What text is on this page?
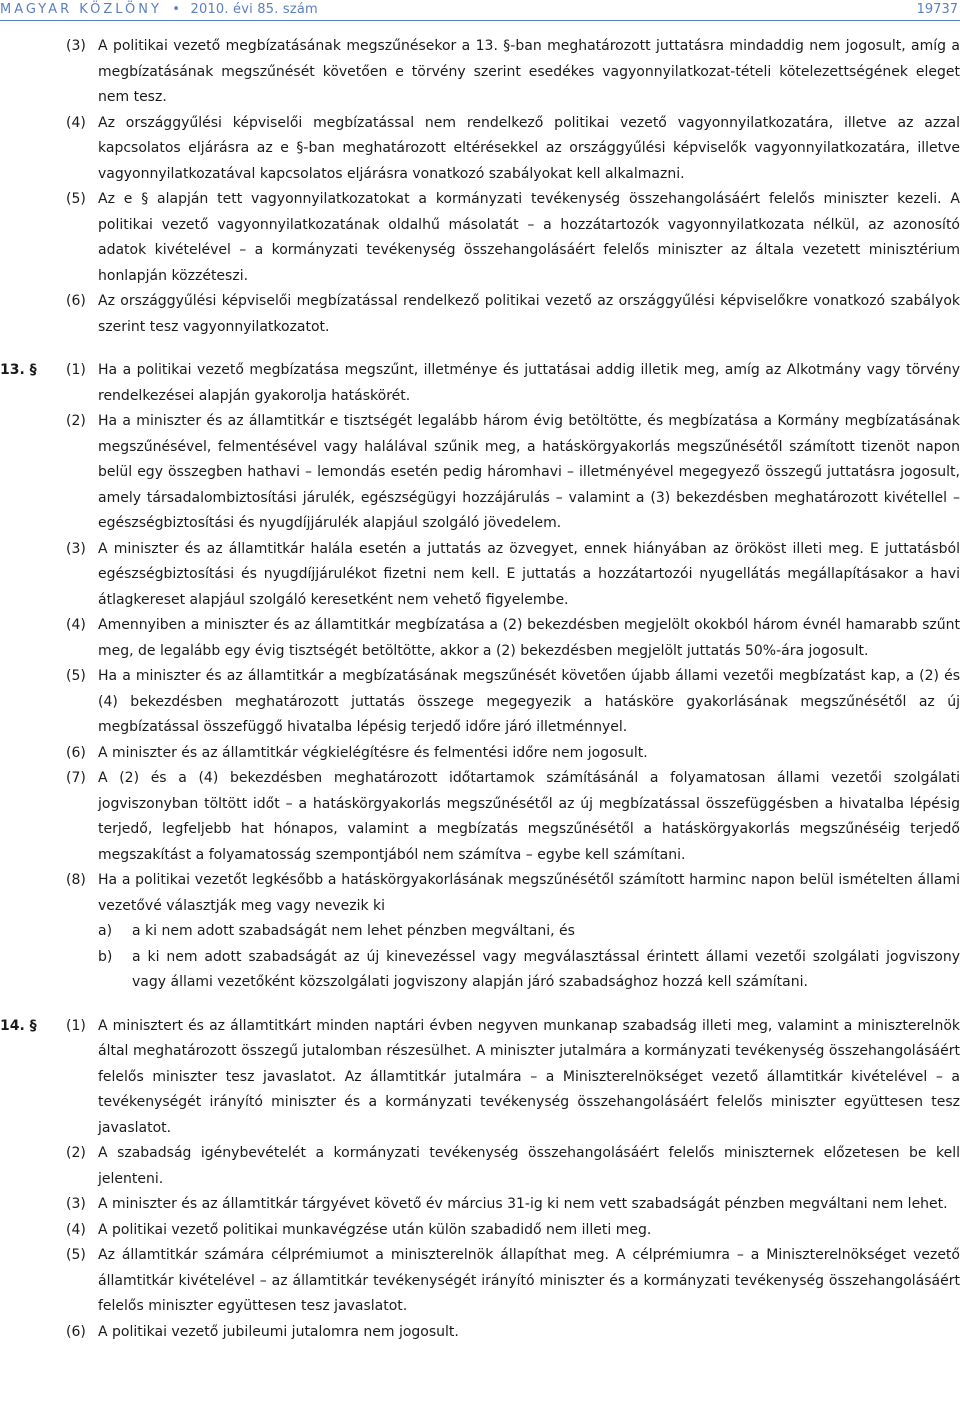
MAGYAR KÖZLÖNY • 2010. évi 85. szám	19737
(3) A politikai vezető megbízatásának megszűnésekor a 13. §-ban meghatározott juttatásra mindaddig nem jogosult, amíg a megbízatásának megszűnését követően e törvény szerint esedékes vagyonnyilatkozat-tételi kötelezettségének eleget nem tesz.
(4) Az országgyűlési képviselői megbízatással nem rendelkező politikai vezető vagyonnyilatkozatára, illetve az azzal kapcsolatos eljárásra az e §-ban meghatározott eltérésekkel az országgyűlési képviselők vagyonnyilatkozatára, illetve vagyonnyilatkozatával kapcsolatos eljárásra vonatkozó szabályokat kell alkalmazni.
(5) Az e § alapján tett vagyonnyilatkozatokat a kormányzati tevékenység összehangolásáért felelős miniszter kezeli. A politikai vezető vagyonnyilatkozatának oldalhű másolatát – a hozzátartozók vagyonnyilatkozata nélkül, az azonosító adatok kivételével – a kormányzati tevékenység összehangolásáért felelős miniszter az általa vezetett minisztérium honlapján közzéteszi.
(6) Az országgyűlési képviselői megbízatással rendelkező politikai vezető az országgyűlési képviselőkre vonatkozó szabályok szerint tesz vagyonnyilatkozatot.
13. § (1) Ha a politikai vezető megbízatása megszűnt, illetménye és juttatásai addig illetik meg, amíg az Alkotmány vagy törvény rendelkezései alapján gyakorolja hatáskörét.
(2) Ha a miniszter és az államtitkár e tisztségét legalább három évig betöltötte, és megbízatása a Kormány megbízatásának megszűnésével, felmentésével vagy halálával szűnik meg, a hatáskörgyakorlás megszűnésétől számított tizenöt napon belül egy összegben hathavi – lemondás esetén pedig háromhavi – illetményével megegyező összegű juttatásra jogosult, amely társadalombiztosítási járulék, egészségügyi hozzájárulás – valamint a (3) bekezdésben meghatározott kivétellel – egészségbiztosítási és nyugdíjjárulék alapjául szolgáló jövedelem.
(3) A miniszter és az államtitkár halála esetén a juttatás az özvegyet, ennek hiányában az örököst illeti meg. E juttatásból egészségbiztosítási és nyugdíjjárulékot fizetni nem kell. E juttatás a hozzátartozói nyugellátás megállapításakor a havi átlagkereset alapjául szolgáló keresetként nem vehető figyelembe.
(4) Amennyiben a miniszter és az államtitkár megbízatása a (2) bekezdésben megjelölt okokból három évnél hamarabb szűnt meg, de legalább egy évig tisztségét betöltötte, akkor a (2) bekezdésben megjelölt juttatás 50%-ára jogosult.
(5) Ha a miniszter és az államtitkár a megbízatásának megszűnését követően újabb állami vezetői megbízatást kap, a (2) és (4) bekezdésben meghatározott juttatás összege megegyezik a hatásköre gyakorlásának megszűnésétől az új megbízatással összefüggő hivatalba lépésig terjedő időre járó illetménnyel.
(6) A miniszter és az államtitkár végkielégítésre és felmentési időre nem jogosult.
(7) A (2) és a (4) bekezdésben meghatározott időtartamok számításánál a folyamatosan állami vezetői szolgálati jogviszonyban töltött időt – a hatáskörgyakorlás megszűnésétől az új megbízatással összefüggésben a hivatalba lépésig terjedő, legfeljebb hat hónapos, valamint a megbízatás megszűnésétől a hatáskörgyakorlás megszűnéséig terjedő megszakítást a folyamatosság szempontjából nem számítva – egybe kell számítani.
(8) Ha a politikai vezetőt legkésőbb a hatáskörgyakorlásának megszűnésétől számított harminc napon belül ismételten állami vezetővé választják meg vagy nevezik ki
a) a ki nem adott szabadságát nem lehet pénzben megváltani, és
b) a ki nem adott szabadságát az új kinevezéssel vagy megválasztással érintett állami vezetői szolgálati jogviszony vagy állami vezetőként közszolgálati jogviszony alapján járó szabadsághoz hozzá kell számítani.
14. § (1) A minisztert és az államtitkárt minden naptári évben negyven munkanap szabadság illeti meg, valamint a miniszterelnök által meghatározott összegű jutalomban részesülhet. A miniszter jutalmára a kormányzati tevékenység összehangolásáért felelős miniszter tesz javaslatot. Az államtitkár jutalmára – a Miniszterelnökséget vezető államtitkár kivételével – a tevékenységét irányító miniszter és a kormányzati tevékenység összehangolásáért felelős miniszter együttesen tesz javaslatot.
(2) A szabadság igénybevételét a kormányzati tevékenység összehangolásáért felelős miniszternek előzetesen be kell jelenteni.
(3) A miniszter és az államtitkár tárgyévet követő év március 31-ig ki nem vett szabadságát pénzben megváltani nem lehet.
(4) A politikai vezető politikai munkavégzése után külön szabadidő nem illeti meg.
(5) Az államtitkár számára célprémiumot a miniszterelnök állapíthat meg. A célprémiumra – a Miniszterelnökséget vezető államtitkár kivételével – az államtitkár tevékenységét irányító miniszter és a kormányzati tevékenység összehangolásáért felelős miniszter együttesen tesz javaslatot.
(6) A politikai vezető jubileumi jutalomra nem jogosult.
